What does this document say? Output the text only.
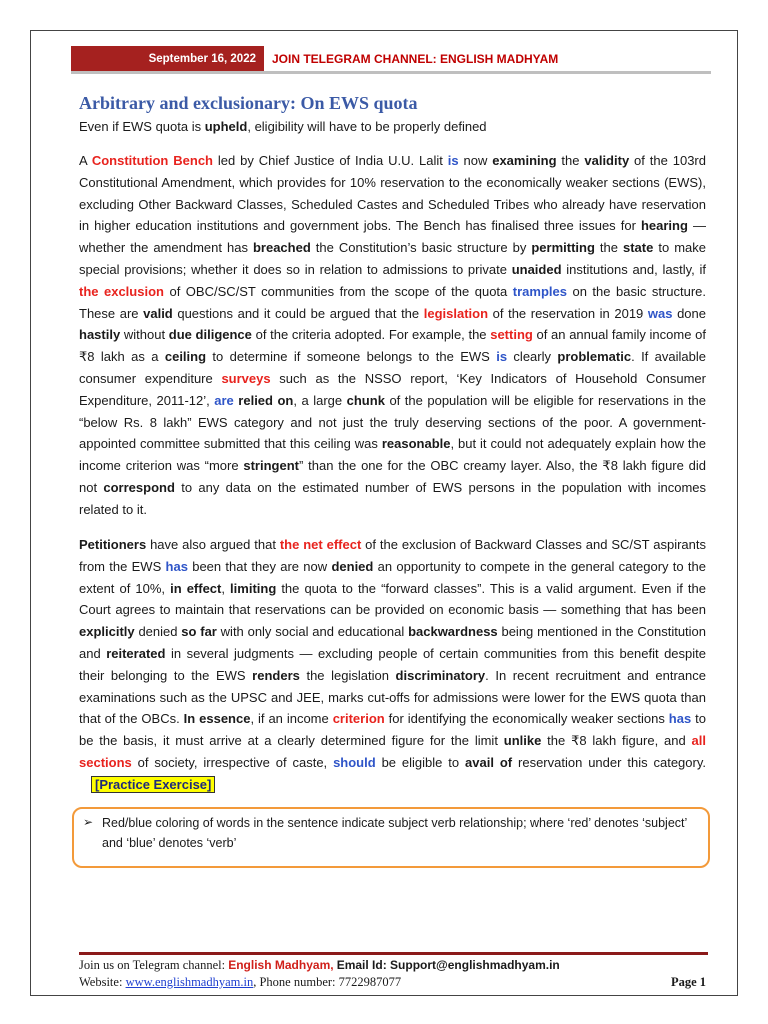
September 16, 2022	JOIN TELEGRAM CHANNEL: ENGLISH MADHYAM
Arbitrary and exclusionary: On EWS quota

Even if EWS quota is upheld, eligibility will have to be properly defined

A Constitution Bench led by Chief Justice of India U.U. Lalit is now examining the validity of the 103rd Constitutional Amendment, which provides for 10% reservation to the economically weaker sections (EWS), excluding Other Backward Classes, Scheduled Castes and Scheduled Tribes who already have reservation in higher education institutions and government jobs. The Bench has finalised three issues for hearing — whether the amendment has breached the Constitution’s basic structure by permitting the state to make special provisions; whether it does so in relation to admissions to private unaided institutions and, lastly, if the exclusion of OBC/SC/ST communities from the scope of the quota tramples on the basic structure. These are valid questions and it could be argued that the legislation of the reservation in 2019 was done hastily without due diligence of the criteria adopted. For example, the setting of an annual family income of ₹8 lakh as a ceiling to determine if someone belongs to the EWS is clearly problematic. If available consumer expenditure surveys such as the NSSO report, ‘Key Indicators of Household Consumer Expenditure, 2011-12’, are relied on, a large chunk of the population will be eligible for reservations in the “below Rs. 8 lakh” EWS category and not just the truly deserving sections of the poor. A government-appointed committee submitted that this ceiling was reasonable, but it could not adequately explain how the income criterion was “more stringent” than the one for the OBC creamy layer. Also, the ₹8 lakh figure did not correspond to any data on the estimated number of EWS persons in the population with incomes related to it.

Petitioners have also argued that the net effect of the exclusion of Backward Classes and SC/ST aspirants from the EWS has been that they are now denied an opportunity to compete in the general category to the extent of 10%, in effect, limiting the quota to the “forward classes”. This is a valid argument. Even if the Court agrees to maintain that reservations can be provided on economic basis — something that has been explicitly denied so far with only social and educational backwardness being mentioned in the Constitution and reiterated in several judgments — excluding people of certain communities from this benefit despite their belonging to the EWS renders the legislation discriminatory. In recent recruitment and entrance examinations such as the UPSC and JEE, marks cut-offs for admissions were lower for the EWS quota than that of the OBCs. In essence, if an income criterion for identifying the economically weaker sections has to be the basis, it must arrive at a clearly determined figure for the limit unlike the ₹8 lakh figure, and all sections of society, irrespective of caste, should be eligible to avail of reservation under this category. [Practice Exercise]

➢ Red/blue coloring of words in the sentence indicate subject verb relationship; where ‘red’ denotes ‘subject’ and ‘blue’ denotes ‘verb’
Join us on Telegram channel: English Madhyam, Email Id: Support@englishmadhyam.in
Website: www.englishmadhyam.in, Phone number: 7722987077	Page 1
